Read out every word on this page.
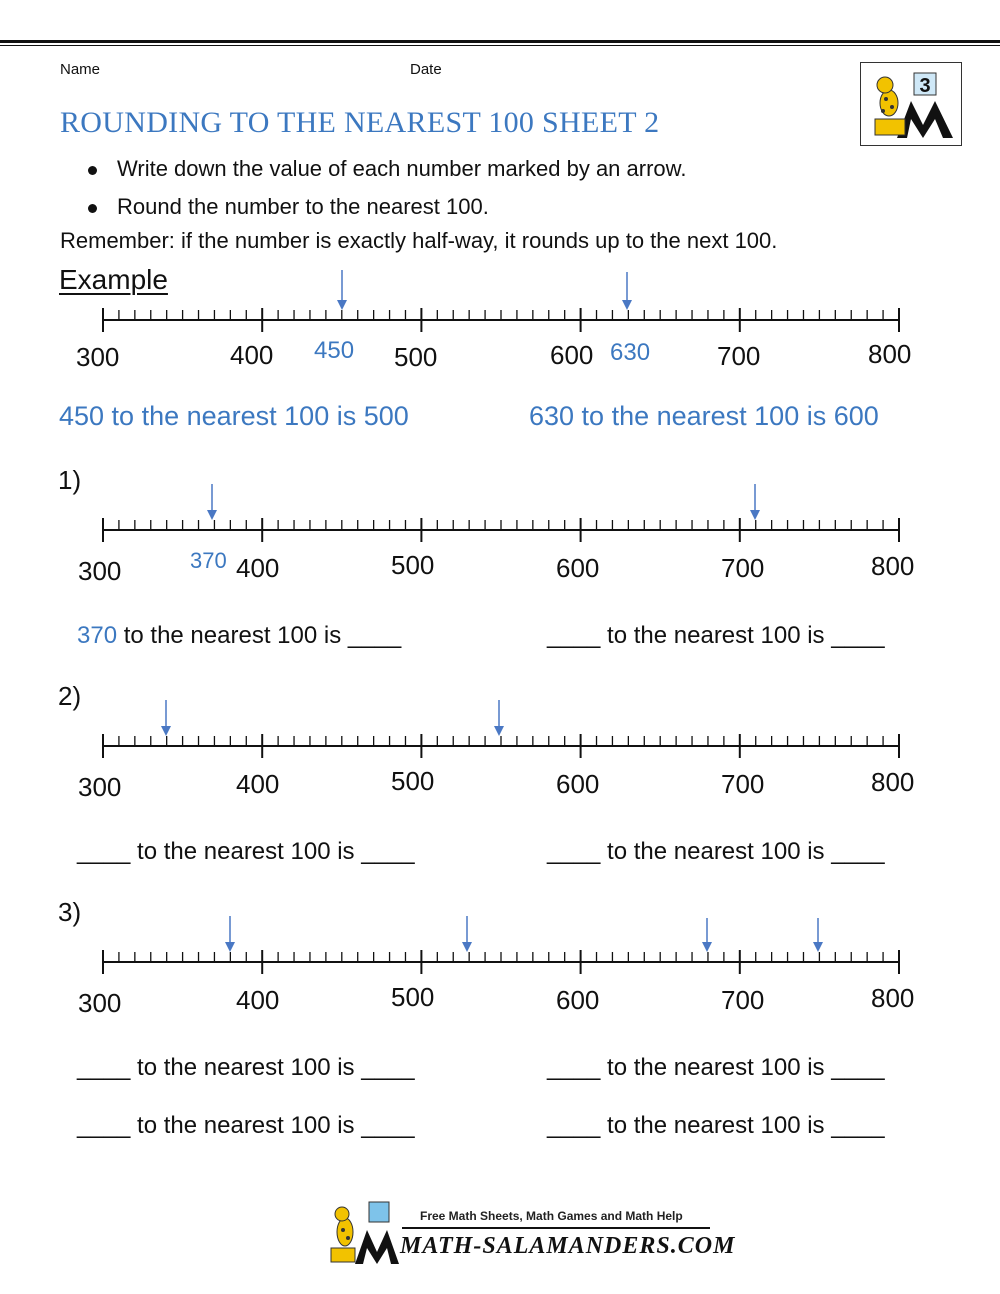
Name	Date
ROUNDING TO THE NEAREST 100 SHEET 2
3
Write down the value of each number marked by an arrow.
Round the number to the nearest 100.
Remember: if the number is exactly half-way, it rounds up to the next 100.
Example
300	400 450 500	600 630	700	800
450 to the nearest 100 is 500	630 to the nearest 100 is 600
1)
300	370 400	500	600	700	800
370 to the nearest 100 is ____	____ to the nearest 100 is ____
2)
300	400	500	600	700	800
____ to the nearest 100 is ____	____ to the nearest 100 is ____
3)
300	400	500	600	700	800
____ to the nearest 100 is ____	____ to the nearest 100 is ____
____ to the nearest 100 is ____	____ to the nearest 100 is ____
Free Math Sheets, Math Games and Math Help
MATH-SALAMANDERS.COM
